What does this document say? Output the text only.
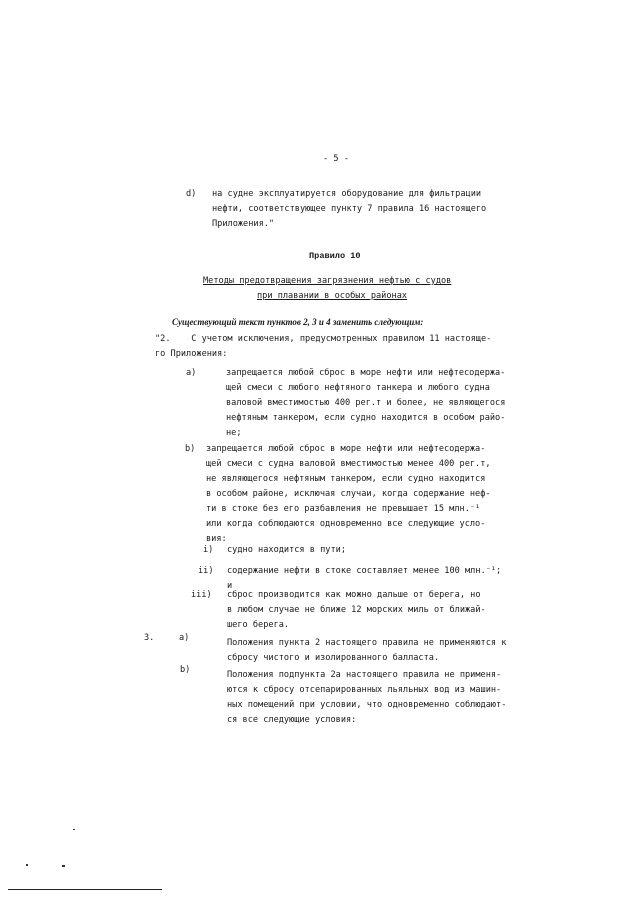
- 5 -
d) на судне эксплуатируется оборудование для фильтрации
нефти, соответствующее пункту 7 правила 16 настоящего
Приложения."
Правило 10
Методы предотвращения загрязнения нефтью с судов
при плавании в особых районах
Существующий текст пунктов 2, 3 и 4 заменить следующим:
"2.    С учетом исключения, предусмотренных правилом 11 настояще-
го Приложения:
a)	запрещается любой сброс в море нефти или нефтесодержа-
щей смеси с любого нефтяного танкера и любого судна
валовой вместимостью 400 рег.т и более, не являющегося
нефтяным танкером, если судно находится в особом райо-
не;
b) запрещается любой сброс в море нефти или нефтесодержа-
щей смеси с судна валовой вместимостью менее 400 рег.т,
не являющегося нефтяным танкером, если судно находится
в особом районе, исключая случаи, когда содержание неф-
ти в стоке без его разбавления не превышает 15 млн.⁻¹
или когда соблюдаются одновременно все следующие усло-
вия:
i) судно находится в пути;
ii) содержание нефти в стоке составляет менее 100 млн.⁻¹;
и
iii) сброс производится как можно дальше от берега, но
в любом случае не ближе 12 морских миль от ближай-
шего берега.
3.	a)	Положения пункта 2 настоящего правила не применяются к
сбросу чистого и изолированного балласта.
b)	Положения подпункта 2a настоящего правила не применя-
ются к сбросу отсепарированных льяльных вод из машин-
ных помещений при условии, что одновременно соблюдают-
ся все следующие условия:
